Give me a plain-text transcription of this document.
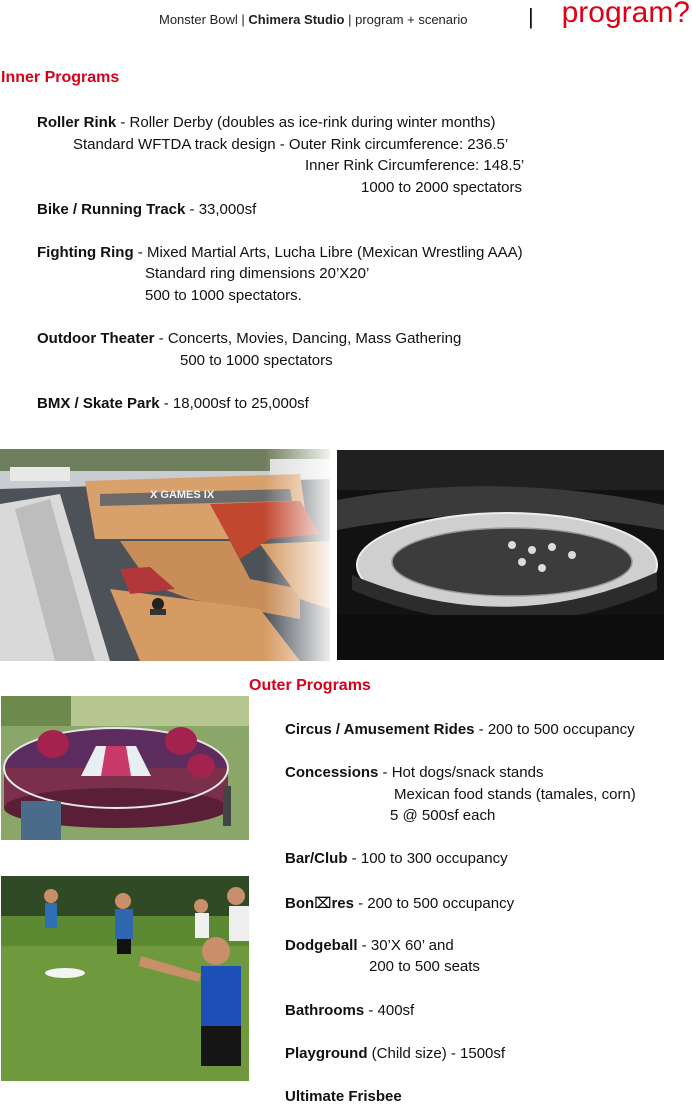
Monster Bowl | Chimera Studio | program + scenario	| program?
Inner Programs
Roller Rink - Roller Derby (doubles as ice-rink during winter months)
Standard WFTDA track design - Outer Rink circumference: 236.5’
Inner Rink Circumference: 148.5’
1000 to 2000 spectators
Bike / Running Track - 33,000sf
Fighting Ring - Mixed Martial Arts, Lucha Libre (Mexican Wrestling AAA)
Standard ring dimensions 20’X20’
500 to 1000 spectators.
Outdoor Theater - Concerts, Movies, Dancing, Mass Gathering
500 to 1000 spectators
BMX / Skate Park - 18,000sf to 25,000sf
Outer Programs
Circus / Amusement Rides - 200 to 500 occupancy
Concessions - Hot dogs/snack stands
Mexican food stands (tamales, corn)
5 @ 500sf each
Bar/Club - 100 to 300 occupancy
Bon⌧res - 200 to 500 occupancy
Dodgeball - 30’X 60’ and
200 to 500 seats
Bathrooms - 400sf
Playground (Child size) - 1500sf
Ultimate Frisbee
